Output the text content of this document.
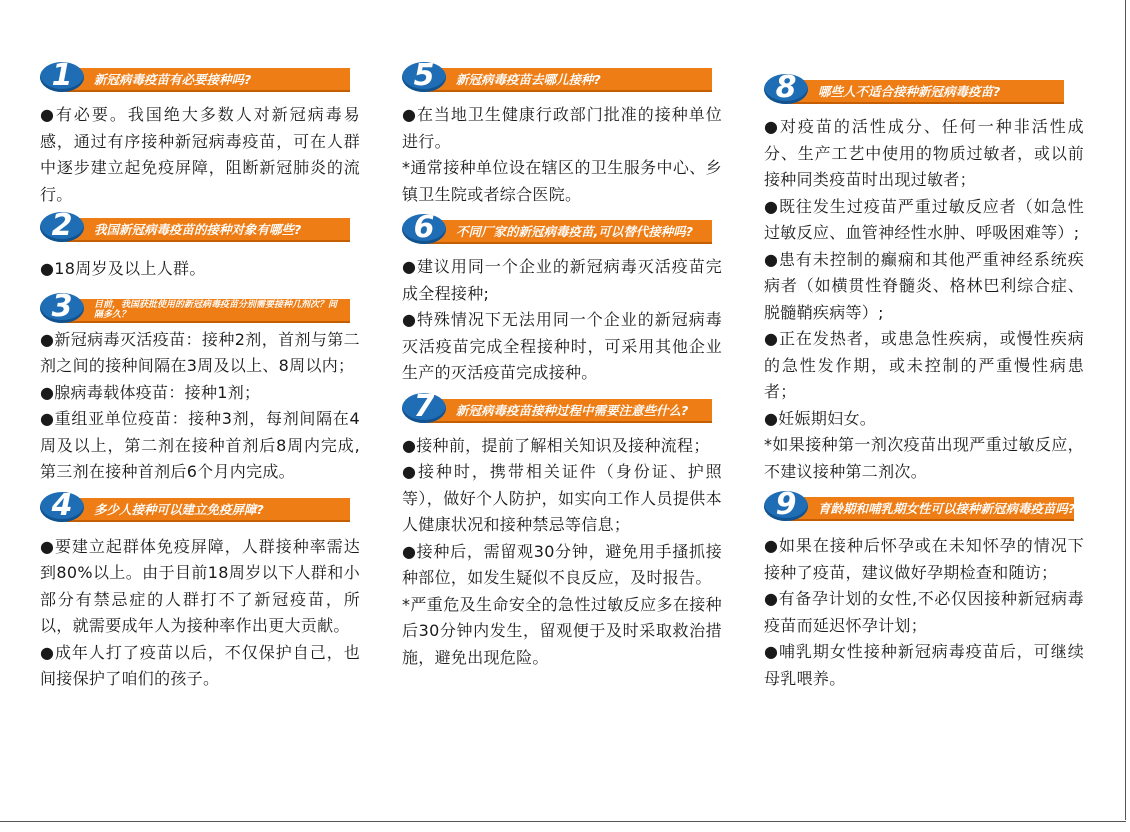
1	新冠病毒疫苗有必要接种吗?

●有必要。我国绝大多数人对新冠病毒易感，通过有序接种新冠病毒疫苗，可在人群中逐步建立起免疫屏障，阻断新冠肺炎的流行。

2	我国新冠病毒疫苗的接种对象有哪些?

●18周岁及以上人群。

3	目前，我国获批使用的新冠病毒疫苗分别需要接种几剂次？间隔多久？

●新冠病毒灭活疫苗：接种2剂，首剂与第二剂之间的接种间隔在3周及以上、8周以内；

●腺病毒载体疫苗：接种1剂；

●重组亚单位疫苗：接种3剂，每剂间隔在4周及以上，第二剂在接种首剂后8周内完成,第三剂在接种首剂后6个月内完成。

4	多少人接种可以建立免疫屏障?

●要建立起群体免疫屏障，人群接种率需达到80%以上。由于目前18周岁以下人群和小部分有禁忌症的人群打不了新冠疫苗，所以，就需要成年人为接种率作出更大贡献。

●成年人打了疫苗以后，不仅保护自己，也间接保护了咱们的孩子。

5	新冠病毒疫苗去哪儿接种?

●在当地卫生健康行政部门批准的接种单位进行。

*通常接种单位设在辖区的卫生服务中心、乡镇卫生院或者综合医院。

6	不同厂家的新冠病毒疫苗,可以替代接种吗?

●建议用同一个企业的新冠病毒灭活疫苗完成全程接种;

●特殊情况下无法用同一个企业的新冠病毒灭活疫苗完成全程接种时，可采用其他企业生产的灭活疫苗完成接种。

7	新冠病毒疫苗接种过程中需要注意些什么?

●接种前，提前了解相关知识及接种流程；

●接种时，携带相关证件（身份证、护照等），做好个人防护，如实向工作人员提供本人健康状况和接种禁忌等信息；

●接种后，需留观30分钟，避免用手搔抓接种部位，如发生疑似不良反应，及时报告。

*严重危及生命安全的急性过敏反应多在接种后30分钟内发生，留观便于及时采取救治措施，避免出现危险。

8	哪些人不适合接种新冠病毒疫苗?

●对疫苗的活性成分、任何一种非活性成分、生产工艺中使用的物质过敏者，或以前接种同类疫苗时出现过敏者；

●既往发生过疫苗严重过敏反应者（如急性过敏反应、血管神经性水肿、呼吸困难等）;

●患有未控制的癫痫和其他严重神经系统疾病者（如横贯性脊髓炎、格林巴利综合症、脱髓鞘疾病等）;

●正在发热者，或患急性疾病，或慢性疾病的急性发作期，或未控制的严重慢性病患者；

●妊娠期妇女。

*如果接种第一剂次疫苗出现严重过敏反应，不建议接种第二剂次。

9	育龄期和哺乳期女性可以接种新冠病毒疫苗吗?

●如果在接种后怀孕或在未知怀孕的情况下接种了疫苗，建议做好孕期检查和随访；

●有备孕计划的女性,不必仅因接种新冠病毒疫苗而延迟怀孕计划；

●哺乳期女性接种新冠病毒疫苗后，可继续母乳喂养。
